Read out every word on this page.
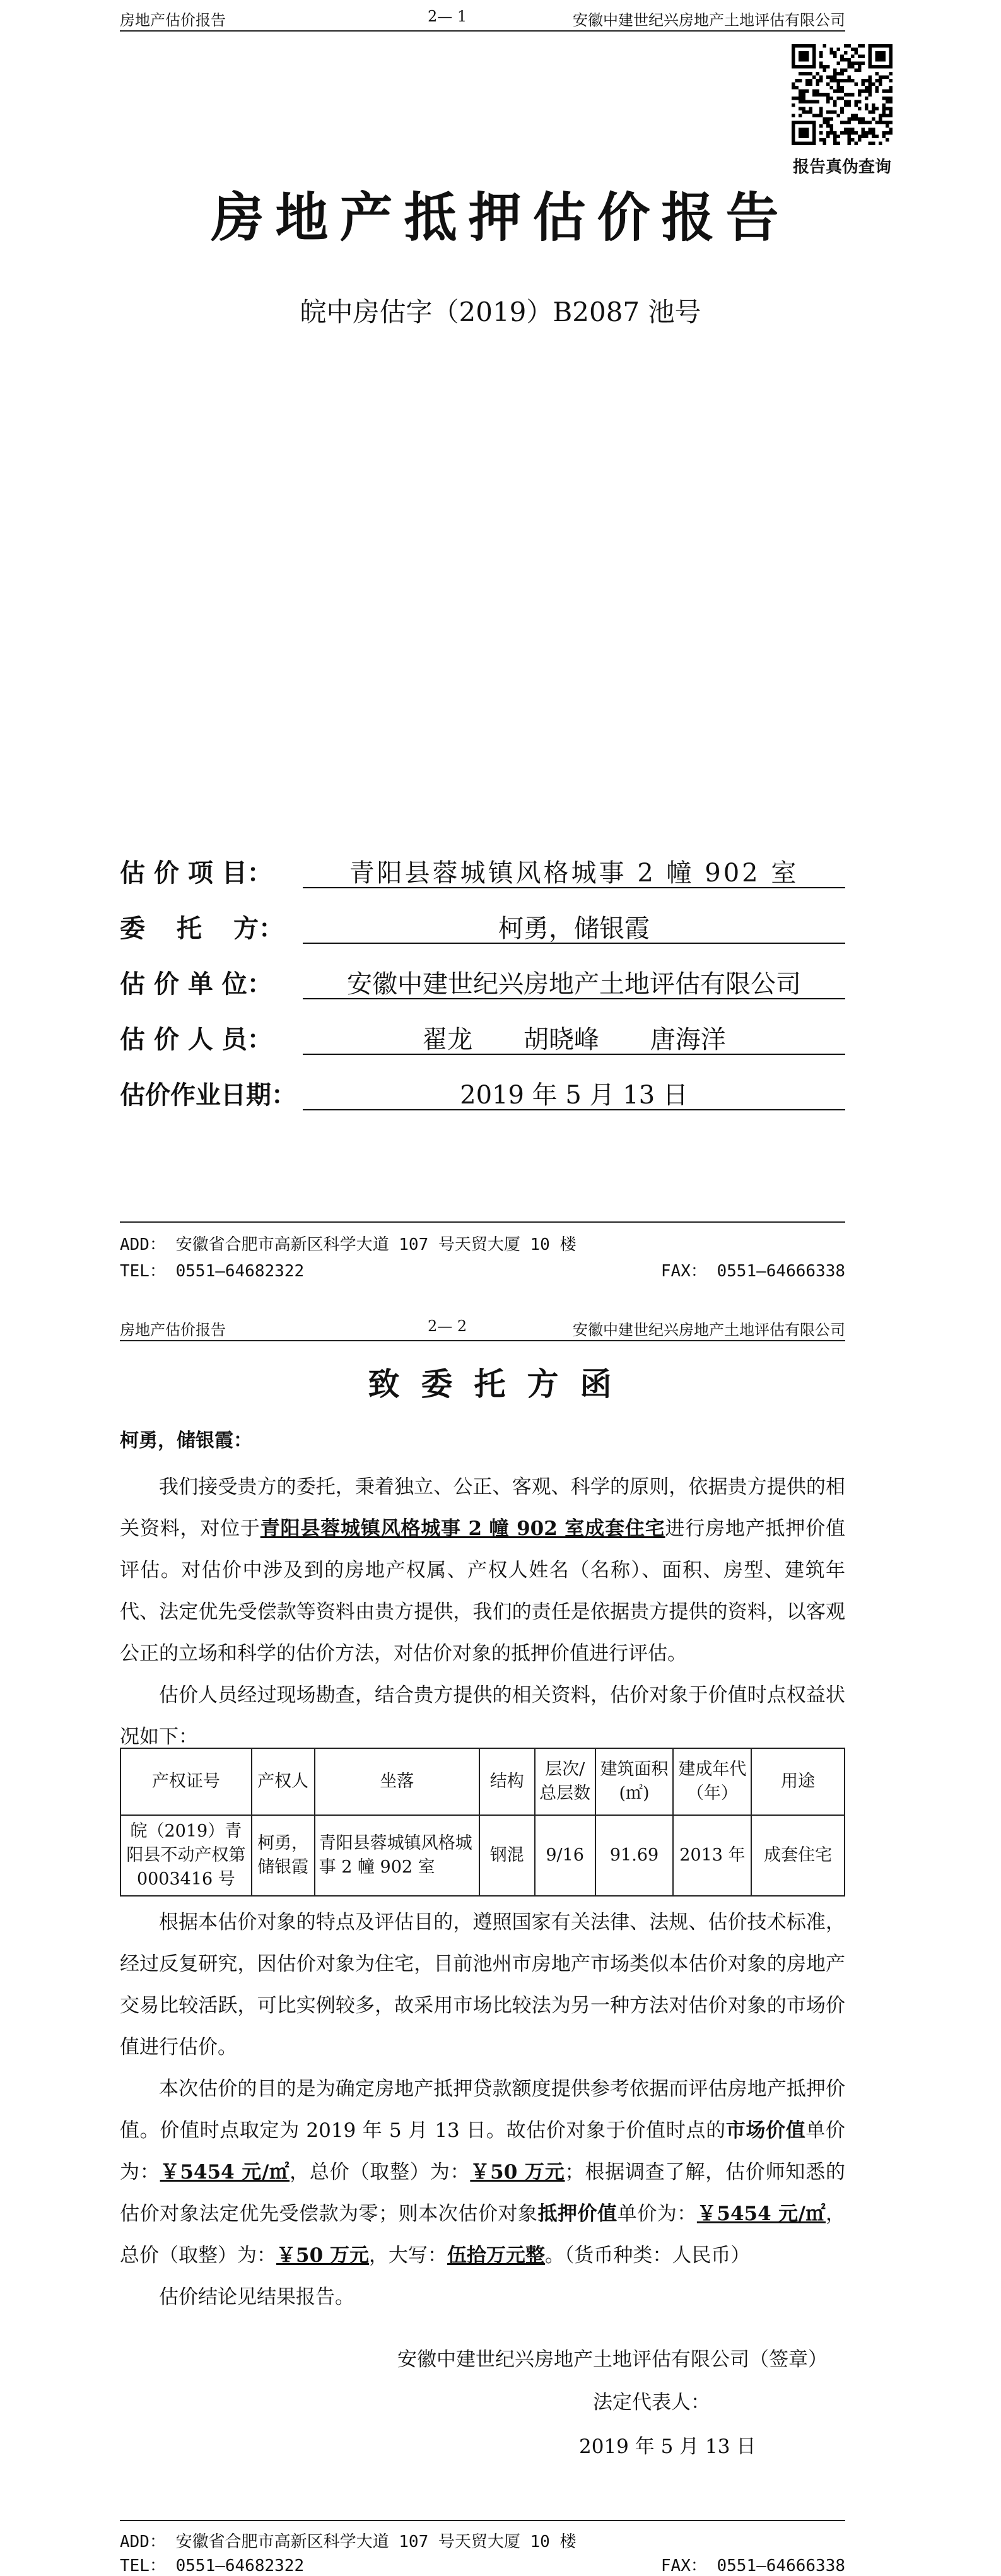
房地产估价报告	2— 1	安徽中建世纪兴房地产土地评估有限公司
报告真伪查询
房地产抵押估价报告
皖中房估字（2019）B2087 池号
估 价 项 目：	青阳县蓉城镇风格城事 2 幢 902 室
委 托 方：	柯勇，储银霞
估 价 单 位：	安徽中建世纪兴房地产土地评估有限公司
估 价 人 员：	翟龙 胡晓峰 唐海洋
估价作业日期：	2019 年 5 月 13 日
ADD： 安徽省合肥市高新区科学大道 107 号天贸大厦 10 楼
TEL： 0551—64682322	FAX： 0551—64666338
房地产估价报告	2— 2	安徽中建世纪兴房地产土地评估有限公司
致委托方函
柯勇，储银霞：

我们接受贵方的委托，秉着独立、公正、客观、科学的原则，依据贵方提供的相关资料，对位于青阳县蓉城镇风格城事 2 幢 902 室成套住宅进行房地产抵押价值评估。对估价中涉及到的房地产权属、产权人姓名（名称）、面积、房型、建筑年代、法定优先受偿款等资料由贵方提供，我们的责任是依据贵方提供的资料，以客观公正的立场和科学的估价方法，对估价对象的抵押价值进行评估。

估价人员经过现场勘查，结合贵方提供的相关资料，估价对象于价值时点权益状况如下：

产权证号	产权人	坐落	结构	层次/总层数	建筑面积(㎡)	建成年代（年）	用途
皖（2019）青阳县不动产权第 0003416 号	柯勇，储银霞	青阳县蓉城镇风格城事 2 幢 902 室	钢混	9/16	91.69	2013 年	成套住宅

根据本估价对象的特点及评估目的，遵照国家有关法律、法规、估价技术标准，经过反复研究，因估价对象为住宅，目前池州市房地产市场类似本估价对象的房地产交易比较活跃，可比实例较多，故采用市场比较法为另一种方法对估价对象的市场价值进行估价。

本次估价的目的是为确定房地产抵押贷款额度提供参考依据而评估房地产抵押价值。价值时点取定为 2019 年 5 月 13 日。故估价对象于价值时点的市场价值单价为：￥5454 元/㎡，总价（取整）为：￥50 万元；根据调查了解，估价师知悉的估价对象法定优先受偿款为零；则本次估价对象抵押价值单价为：￥5454 元/㎡，总价（取整）为：￥50 万元，大写：伍拾万元整。（货币种类：人民币）

估价结论见结果报告。

安徽中建世纪兴房地产土地评估有限公司（签章）
法定代表人：
2019 年 5 月 13 日
ADD： 安徽省合肥市高新区科学大道 107 号天贸大厦 10 楼
TEL： 0551—64682322	FAX： 0551—64666338
